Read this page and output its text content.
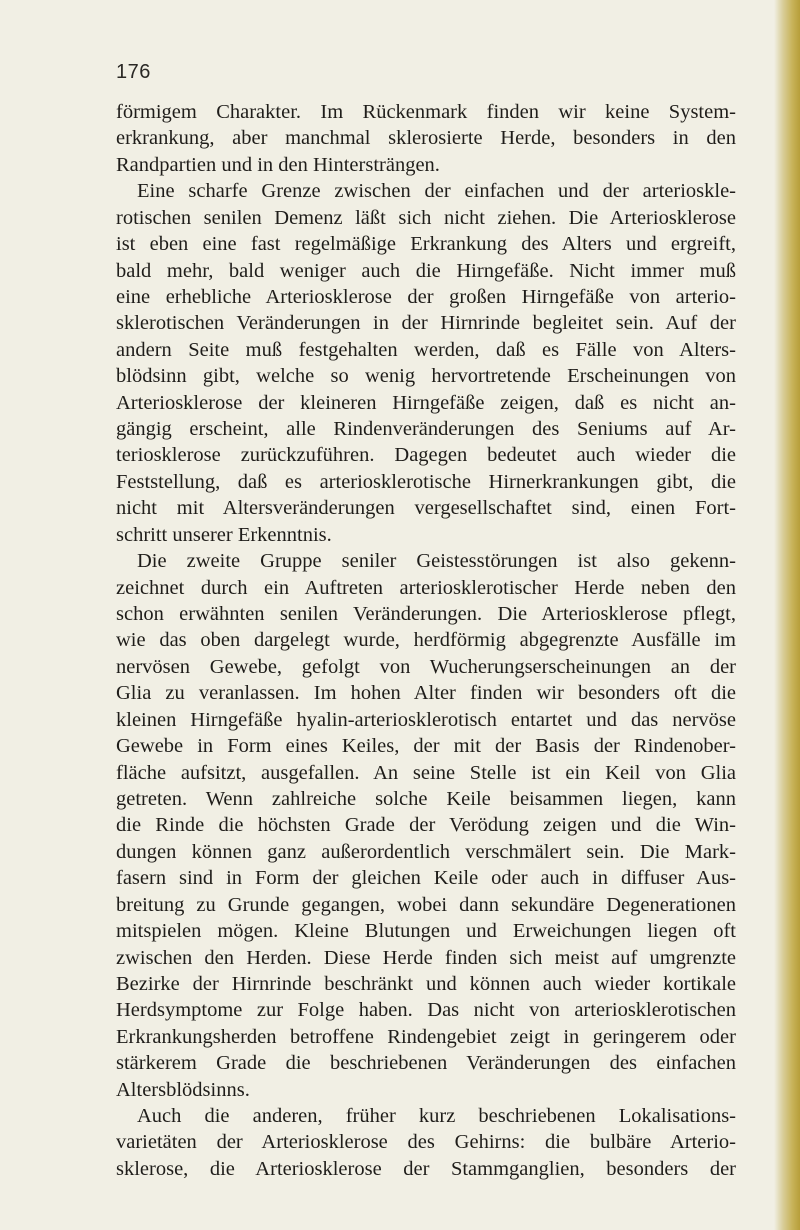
176
förmigem Charakter. Im Rückenmark finden wir keine System-
erkrankung, aber manchmal sklerosierte Herde, besonders in den
Randpartien und in den Hintersträngen.
Eine scharfe Grenze zwischen der einfachen und der arterioskle-
rotischen senilen Demenz läßt sich nicht ziehen. Die Arteriosklerose
ist eben eine fast regelmäßige Erkrankung des Alters und ergreift,
bald mehr, bald weniger auch die Hirngefäße. Nicht immer muß
eine erhebliche Arteriosklerose der großen Hirngefäße von arterio-
sklerotischen Veränderungen in der Hirnrinde begleitet sein. Auf der
andern Seite muß festgehalten werden, daß es Fälle von Alters-
blödsinn gibt, welche so wenig hervortretende Erscheinungen von
Arteriosklerose der kleineren Hirngefäße zeigen, daß es nicht an-
gängig erscheint, alle Rindenveränderungen des Seniums auf Ar-
teriosklerose zurückzuführen. Dagegen bedeutet auch wieder die
Feststellung, daß es arteriosklerotische Hirnerkrankungen gibt, die
nicht mit Altersveränderungen vergesellschaftet sind, einen Fort-
schritt unserer Erkenntnis.
Die zweite Gruppe seniler Geistesstörungen ist also gekenn-
zeichnet durch ein Auftreten arteriosklerotischer Herde neben den
schon erwähnten senilen Veränderungen. Die Arteriosklerose pflegt,
wie das oben dargelegt wurde, herdförmig abgegrenzte Ausfälle im
nervösen Gewebe, gefolgt von Wucherungserscheinungen an der
Glia zu veranlassen. Im hohen Alter finden wir besonders oft die
kleinen Hirngefäße hyalin-arteriosklerotisch entartet und das nervöse
Gewebe in Form eines Keiles, der mit der Basis der Rindenober-
fläche aufsitzt, ausgefallen. An seine Stelle ist ein Keil von Glia
getreten. Wenn zahlreiche solche Keile beisammen liegen, kann
die Rinde die höchsten Grade der Verödung zeigen und die Win-
dungen können ganz außerordentlich verschmälert sein. Die Mark-
fasern sind in Form der gleichen Keile oder auch in diffuser Aus-
breitung zu Grunde gegangen, wobei dann sekundäre Degenerationen
mitspielen mögen. Kleine Blutungen und Erweichungen liegen oft
zwischen den Herden. Diese Herde finden sich meist auf umgrenzte
Bezirke der Hirnrinde beschränkt und können auch wieder kortikale
Herdsymptome zur Folge haben. Das nicht von arteriosklerotischen
Erkrankungsherden betroffene Rindengebiet zeigt in geringerem oder
stärkerem Grade die beschriebenen Veränderungen des einfachen
Altersblödsinns.
Auch die anderen, früher kurz beschriebenen Lokalisations-
varietäten der Arteriosklerose des Gehirns: die bulbäre Arterio-
sklerose, die Arteriosklerose der Stammganglien, besonders der
